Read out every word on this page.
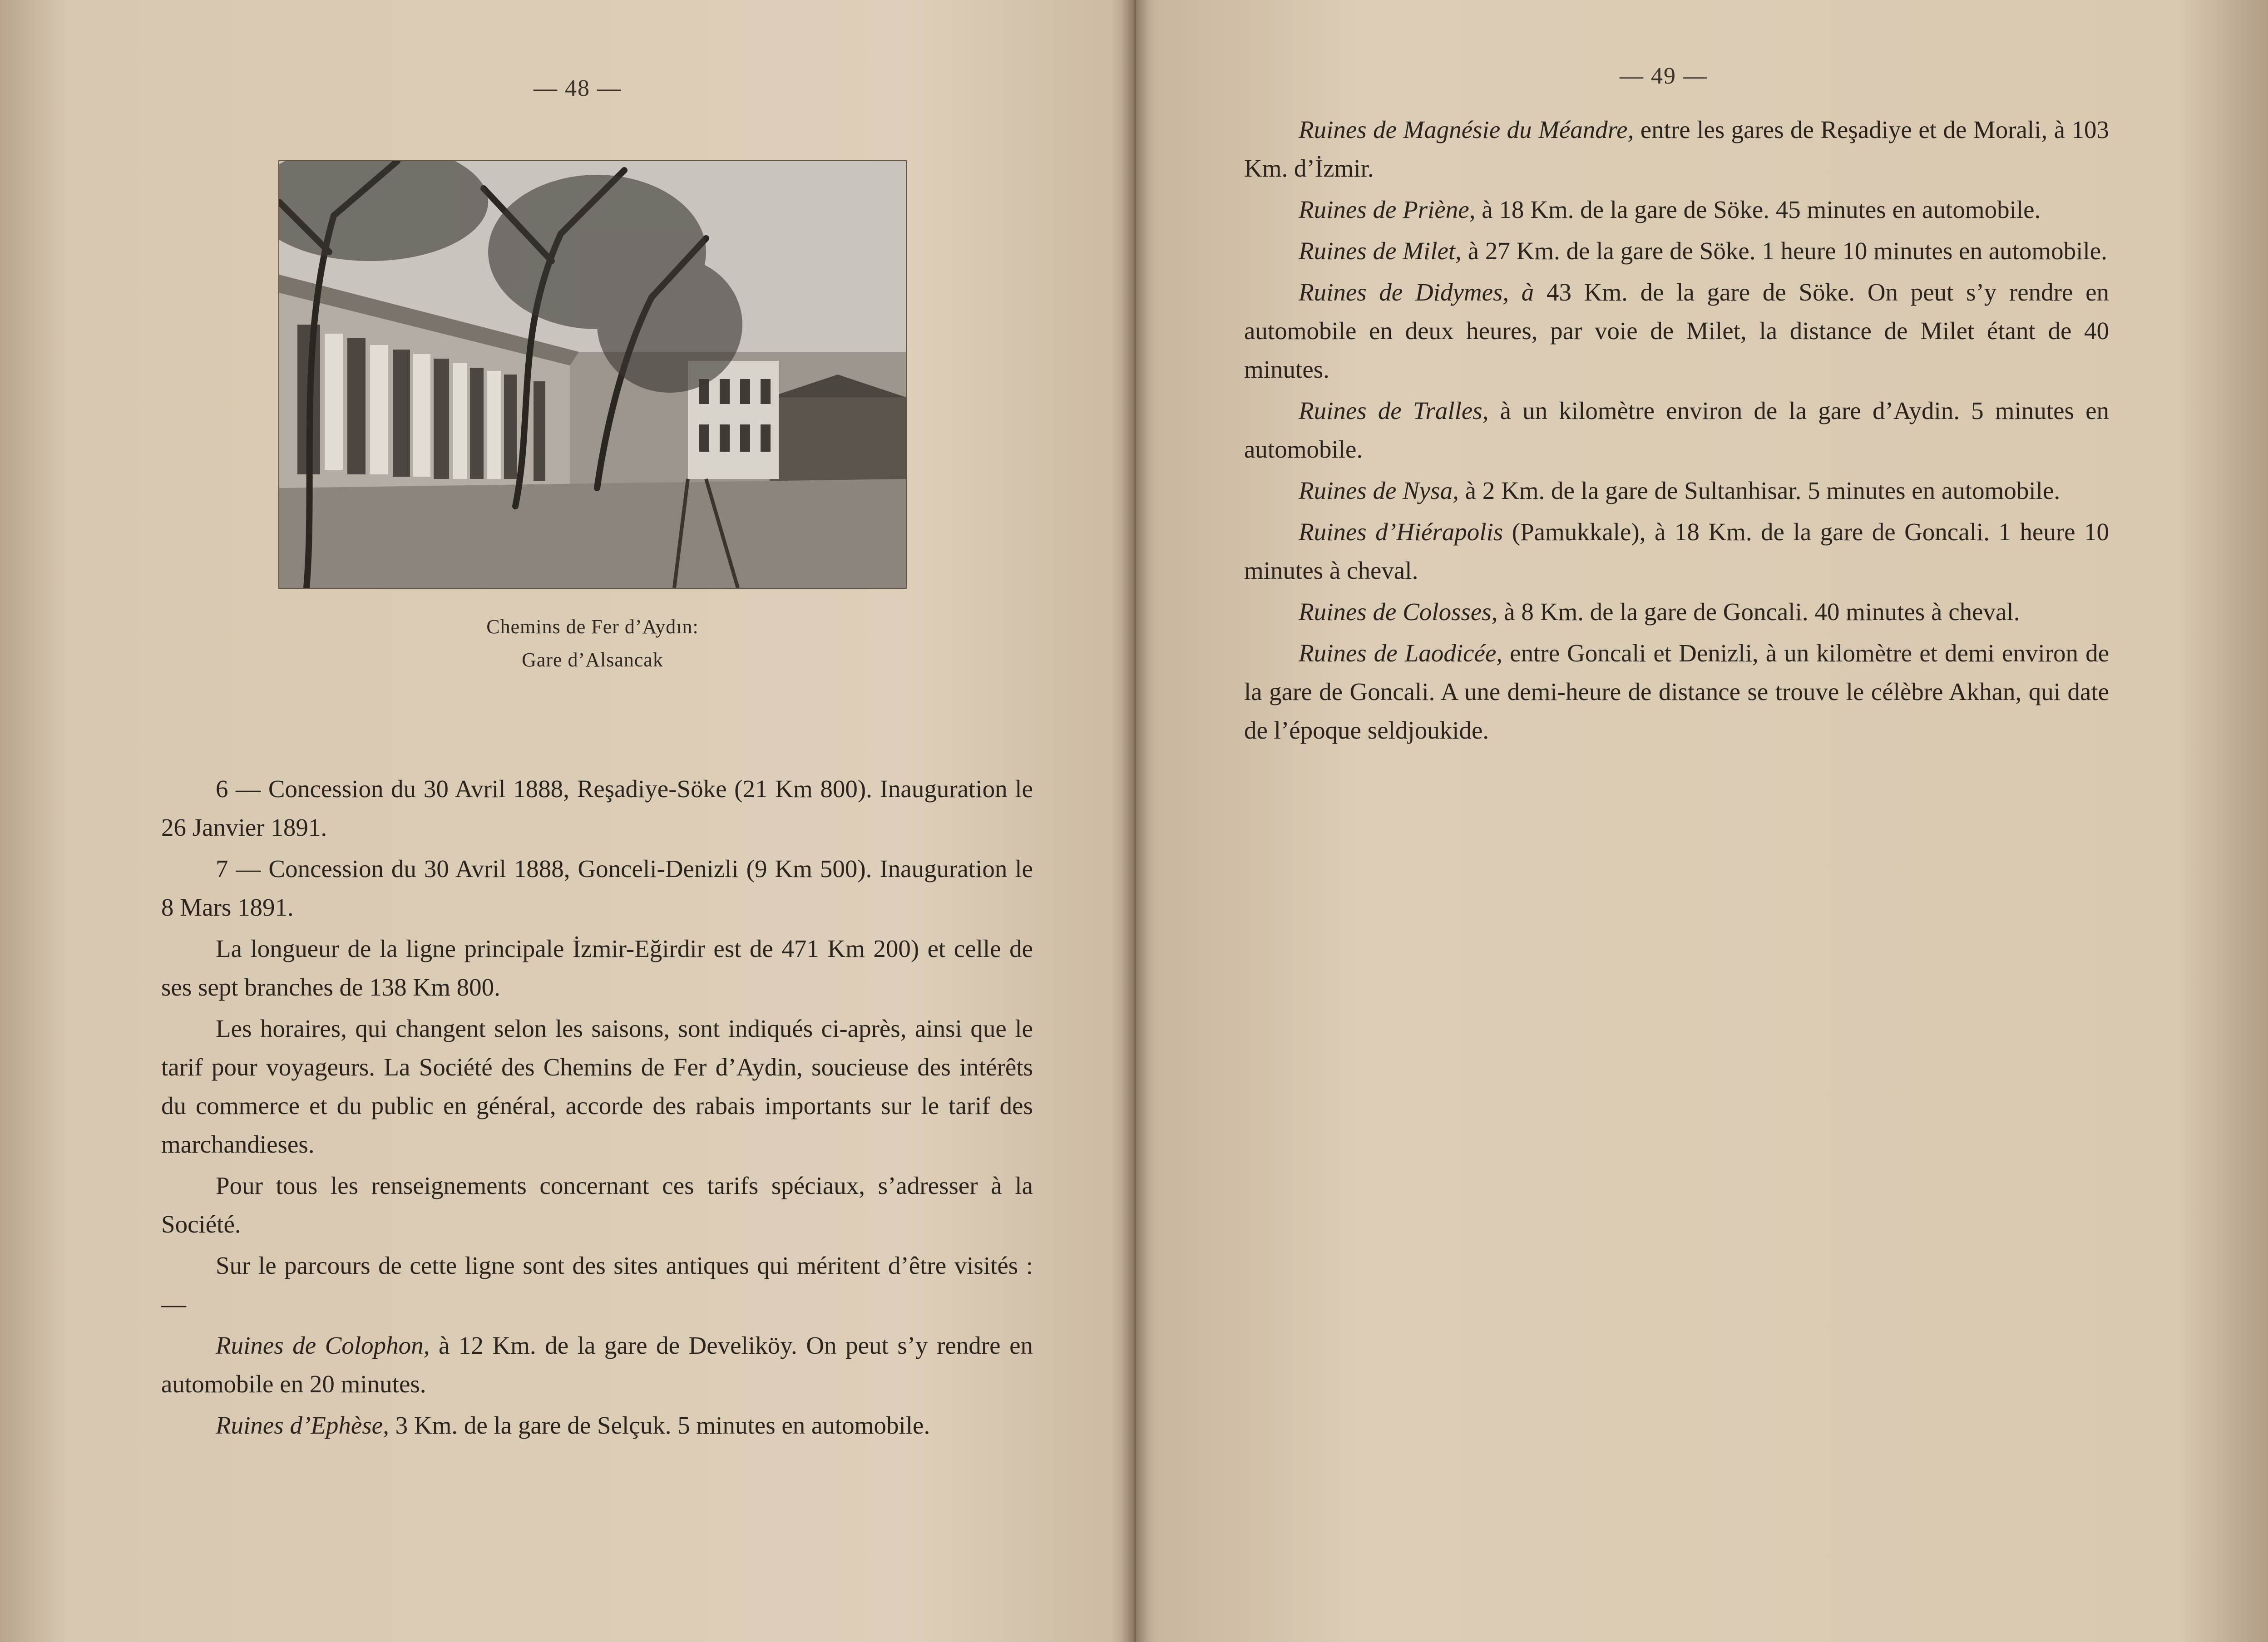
— 48 —
Chemins de Fer d’Aydın:
Gare d’Alsancak

6 — Concession du 30 Avril 1888, Reşadiye-Söke (21 Km 800). Inauguration le 26 Janvier 1891.

7 — Concession du 30 Avril 1888, Gonceli-Denizli (9 Km 500). Inauguration le 8 Mars 1891.

La longueur de la ligne principale İzmir-Eğirdir est de 471 Km 200) et celle de ses sept branches de 138 Km 800.

Les horaires, qui changent selon les saisons, sont indiqués ci-après, ainsi que le tarif pour voyageurs. La Société des Chemins de Fer d’Aydin, soucieuse des intérêts du commerce et du public en général, accorde des rabais importants sur le tarif des marchandieses.

Pour tous les renseignements concernant ces tarifs spéciaux, s’adresser à la Société.

Sur le parcours de cette ligne sont des sites antiques qui méritent d’être visités : —

Ruines de Colophon, à 12 Km. de la gare de Develiköy. On peut s’y rendre en automobile en 20 minutes.

Ruines d’Ephèse, 3 Km. de la gare de Selçuk. 5 minutes en automobile.

— 49 —

Ruines de Magnésie du Méandre, entre les gares de Reşadiye et de Morali, à 103 Km. d’İzmir.

Ruines de Priène, à 18 Km. de la gare de Söke. 45 minutes en automobile.

Ruines de Milet, à 27 Km. de la gare de Söke. 1 heure 10 minutes en automobile.

Ruines de Didymes, à 43 Km. de la gare de Söke. On peut s’y rendre en automobile en deux heures, par voie de Milet, la distance de Milet étant de 40 minutes.

Ruines de Tralles, à un kilomètre environ de la gare d’Aydin. 5 minutes en automobile.

Ruines de Nysa, à 2 Km. de la gare de Sultanhisar. 5 minutes en automobile.

Ruines d’Hiérapolis (Pamukkale), à 18 Km. de la gare de Goncali. 1 heure 10 minutes à cheval.

Ruines de Colosses, à 8 Km. de la gare de Goncali. 40 minutes à cheval.

Ruines de Laodicée, entre Goncali et Denizli, à un kilomètre et demi environ de la gare de Goncali. A une demi-heure de distance se trouve le célèbre Akhan, qui date de l’époque seldjoukide.
